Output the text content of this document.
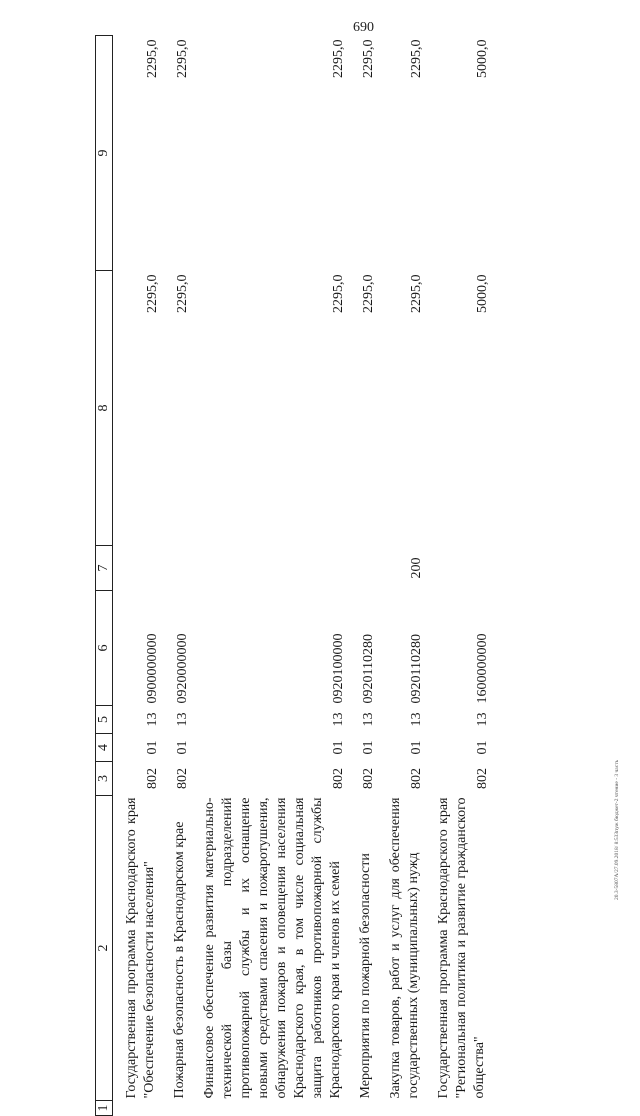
690
1	2	3	4	5	6	7	8	9
	Государственная программа Краснодарского края "Обеспечение безопасности населения"	802	01	13	0900000000		2295,0	2295,0
	Пожарная безопасность в Краснодарском крае	802	01	13	0920000000		2295,0	2295,0
	Финансовое обеспечение развития материально-технической базы подразделений противопожарной службы и их оснащение новыми средствами спасения и пожаротушения, обнаружения пожаров и оповещения населения Краснодарского края, в том числе социальная защита работников противопожарной службы Краснодарского края и членов их семей	802	01	13	0920100000		2295,0	2295,0
	Мероприятия по пожарной безопасности	802	01	13	0920110280		2295,0	2295,0
	Закупка товаров, работ и услуг для обеспечения государственных (муниципальных) нужд	802	01	13	0920110280	200	2295,0	2295,0
	Государственная программа Краснодарского края "Региональная политика и развитие гражданского общества"	802	01	13	1600000000		5000,0	5000,0
20.3-5807А/27.09.2018/ 8:53Зпуж бюджет-2 чтение - 3 часть
